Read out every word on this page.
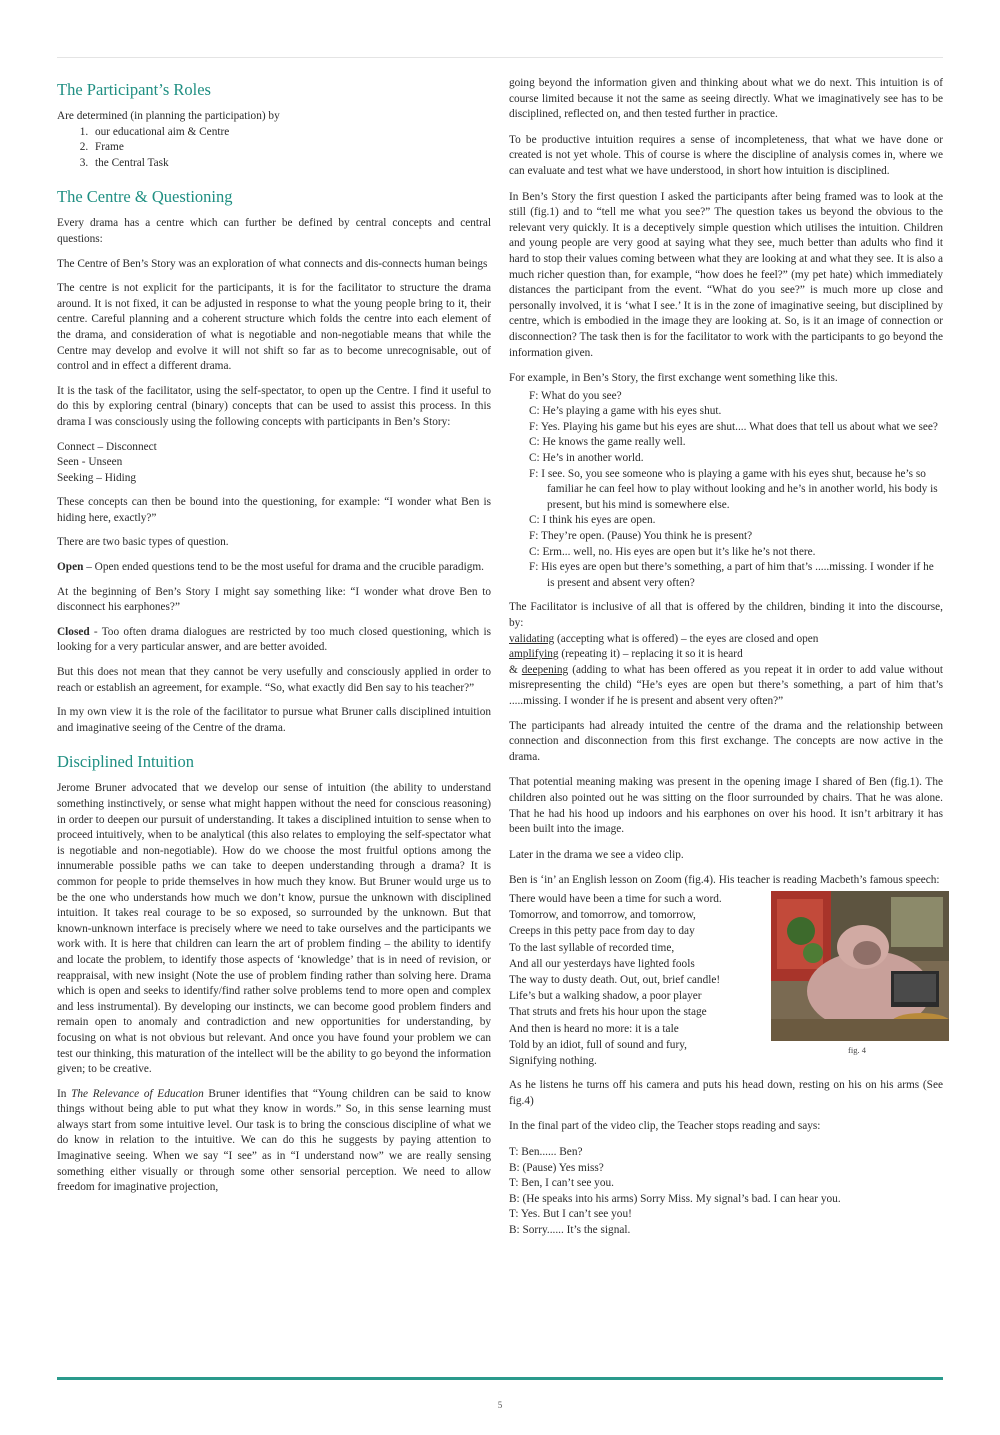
The Participant’s Roles
Are determined (in planning the participation) by
1. our educational aim & Centre
2. Frame
3. the Central Task
The Centre & Questioning

Every drama has a centre which can further be defined by central concepts and central questions:

The Centre of Ben’s Story was an exploration of what connects and dis-connects human beings

The centre is not explicit for the participants, it is for the facilitator to structure the drama around. It is not fixed, it can be adjusted in response to what the young people bring to it, their centre. Careful planning and a coherent structure which folds the centre into each element of the drama, and consideration of what is negotiable and non-negotiable means that while the Centre may develop and evolve it will not shift so far as to become unrecognisable, out of control and in effect a different drama.

It is the task of the facilitator, using the self-spectator, to open up the Centre. I find it useful to do this by exploring central (binary) concepts that can be used to assist this process. In this drama I was consciously using the following concepts with participants in Ben’s Story:

Connect – Disconnect
Seen - Unseen
Seeking – Hiding

These concepts can then be bound into the questioning, for example: “I wonder what Ben is hiding here, exactly?”

There are two basic types of question.

Open – Open ended questions tend to be the most useful for drama and the crucible paradigm.

At the beginning of Ben’s Story I might say something like: “I wonder what drove Ben to disconnect his earphones?”

Closed - Too often drama dialogues are restricted by too much closed questioning, which is looking for a very particular answer, and are better avoided.

But this does not mean that they cannot be very usefully and consciously applied in order to reach or establish an agreement, for example. “So, what exactly did Ben say to his teacher?”

In my own view it is the role of the facilitator to pursue what Bruner calls disciplined intuition and imaginative seeing of the Centre of the drama.

Disciplined Intuition

Jerome Bruner advocated that we develop our sense of intuition (the ability to understand something instinctively, or sense what might happen without the need for conscious reasoning) in order to deepen our pursuit of understanding. It takes a disciplined intuition to sense when to proceed intuitively, when to be analytical (this also relates to employing the self-spectator what is negotiable and non-negotiable). How do we choose the most fruitful options among the innumerable possible paths we can take to deepen understanding through a drama? It is common for people to pride themselves in how much they know. But Bruner would urge us to be the one who understands how much we don’t know, pursue the unknown with disciplined intuition. It takes real courage to be so exposed, so surrounded by the unknown. But that known-unknown interface is precisely where we need to take ourselves and the participants we work with. It is here that children can learn the art of problem finding – the ability to identify and locate the problem, to identify those aspects of ‘knowledge’ that is in need of revision, or reappraisal, with new insight (Note the use of problem finding rather than solving here. Drama which is open and seeks to identify/find rather solve problems tend to more open and complex and less instrumental). By developing our instincts, we can become good problem finders and remain open to anomaly and contradiction and new opportunities for understanding, by focusing on what is not obvious but relevant. And once you have found your problem we can test our thinking, this maturation of the intellect will be the ability to go beyond the information given; to be creative.

In The Relevance of Education Bruner identifies that “Young children can be said to know things without being able to put what they know in words.” So, in this sense learning must always start from some intuitive level. Our task is to bring the conscious discipline of what we do know in relation to the intuitive. We can do this he suggests by paying attention to Imaginative seeing. When we say “I see” as in “I understand now” we are really sensing something either visually or through some other sensorial perception. We need to allow freedom for imaginative projection,

going beyond the information given and thinking about what we do next. This intuition is of course limited because it not the same as seeing directly. What we imaginatively see has to be disciplined, reflected on, and then tested further in practice.

To be productive intuition requires a sense of incompleteness, that what we have done or created is not yet whole. This of course is where the discipline of analysis comes in, where we can evaluate and test what we have understood, in short how intuition is disciplined.

In Ben’s Story the first question I asked the participants after being framed was to look at the still (fig.1) and to “tell me what you see?” The question takes us beyond the obvious to the relevant very quickly. It is a deceptively simple question which utilises the intuition. Children and young people are very good at saying what they see, much better than adults who find it hard to stop their values coming between what they are looking at and what they see. It is also a much richer question than, for example, “how does he feel?” (my pet hate) which immediately distances the participant from the event. “What do you see?” is much more up close and personally involved, it is ‘what I see.’ It is in the zone of imaginative seeing, but disciplined by centre, which is embodied in the image they are looking at. So, is it an image of connection or disconnection? The task then is for the facilitator to work with the participants to go beyond the information given.

For example, in Ben’s Story, the first exchange went something like this.

F: What do you see?
C: He’s playing a game with his eyes shut.
F: Yes. Playing his game but his eyes are shut.... What does that tell us about what we see?
C: He knows the game really well.
C: He’s in another world.
F: I see. So, you see someone who is playing a game with his eyes shut, because he’s so familiar he can feel how to play without looking and he’s in another world, his body is present, but his mind is somewhere else.
C: I think his eyes are open.
F: They’re open. (Pause) You think he is present?
C: Erm... well, no. His eyes are open but it’s like he’s not there.
F: His eyes are open but there’s something, a part of him that’s .....missing. I wonder if he is present and absent very often?

The Facilitator is inclusive of all that is offered by the children, binding it into the discourse, by:

validating (accepting what is offered) – the eyes are closed and open
amplifying (repeating it) – replacing it so it is heard
& deepening (adding to what has been offered as you repeat it in order to add value without misrepresenting the child) “He’s eyes are open but there’s something, a part of him that’s .....missing. I wonder if he is present and absent very often?”

The participants had already intuited the centre of the drama and the relationship between connection and disconnection from this first exchange. The concepts are now active in the drama.

That potential meaning making was present in the opening image I shared of Ben (fig.1). The children also pointed out he was sitting on the floor surrounded by chairs. That he was alone. That he had his hood up indoors and his earphones on over his hood. It isn’t arbitrary it has been built into the image.

Later in the drama we see a video clip.

Ben is ‘in’ an English lesson on Zoom (fig.4). His teacher is reading Macbeth’s famous speech:

There would have been a time for such a word.
Tomorrow, and tomorrow, and tomorrow,
Creeps in this petty pace from day to day
To the last syllable of recorded time,
And all our yesterdays have lighted fools
The way to dusty death. Out, out, brief candle!
Life’s but a walking shadow, a poor player
That struts and frets his hour upon the stage
And then is heard no more: it is a tale
Told by an idiot, full of sound and fury,
Signifying nothing.
fig. 4

As he listens he turns off his camera and puts his head down, resting on his on his arms (See fig.4)

In the final part of the video clip, the Teacher stops reading and says:

T: Ben...... Ben?
B: (Pause) Yes miss?
T: Ben, I can’t see you.
B: (He speaks into his arms) Sorry Miss. My signal’s bad. I can hear you.
T: Yes. But I can’t see you!
B: Sorry...... It’s the signal.
5
